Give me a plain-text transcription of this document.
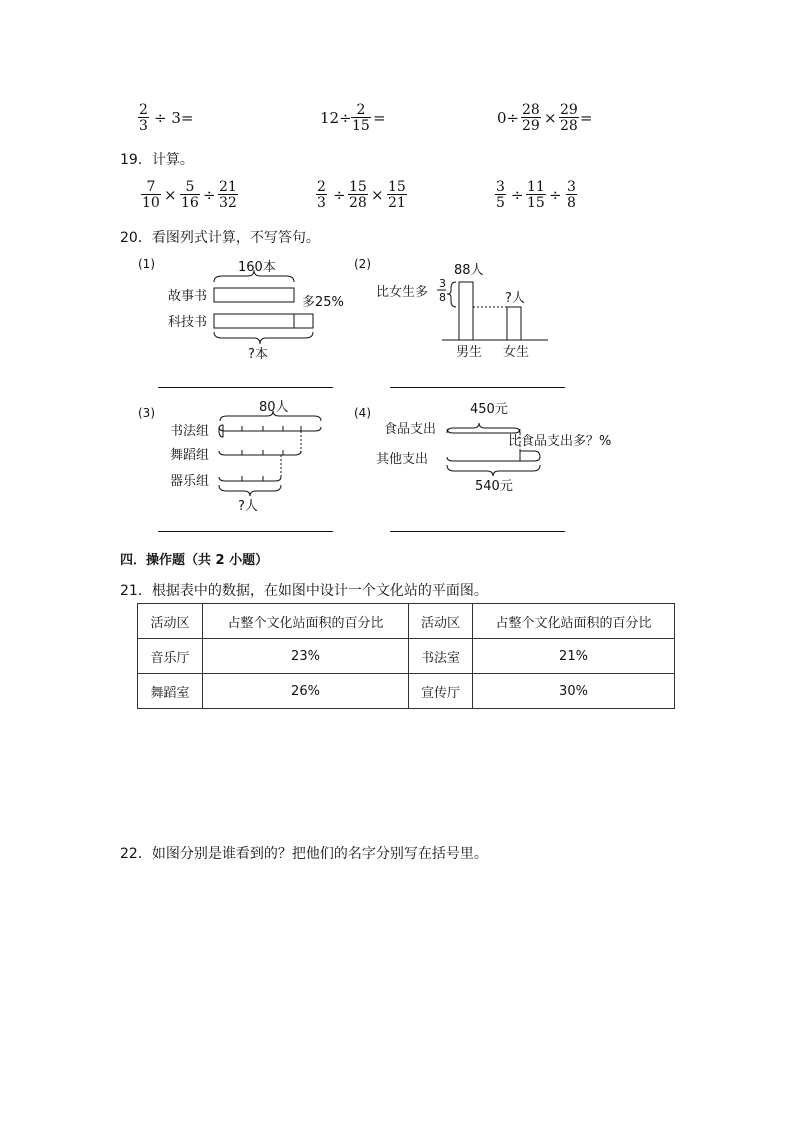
$\frac{2}{3} \div 3=$	$12\div \frac{2}{15}$ =	$0\div \frac{28}{29} \times \frac{29}{28}$ =
19．计算。
$\frac{7}{10} \times \frac{5}{16} \div \frac{21}{32}$	$\frac{2}{3} \div \frac{15}{28} \times \frac{15}{21}$	$\frac{3}{5} \div \frac{11}{15} \div \frac{3}{8}$
20．看图列式计算，不写答句。
(1)	160本
故事书	多25%
科技书
?本
(2)	88人
比女生多
3
8	?人
男生 女生
(3)	80人
书法组
舞蹈组
器乐组
?人
(4)	450元
食品支出
比食品支出多？%
其他支出
540元
四．操作题（共 2 小题）
21．根据表中的数据，在如图中设计一个文化站的平面图。
活动区	占整个文化站面积的百分比	活动区	占整个文化站面积的百分比
音乐厅	23%	书法室	21%
舞蹈室	26%	宣传厅	30%
22．如图分别是谁看到的？把他们的名字分别写在括号里。
